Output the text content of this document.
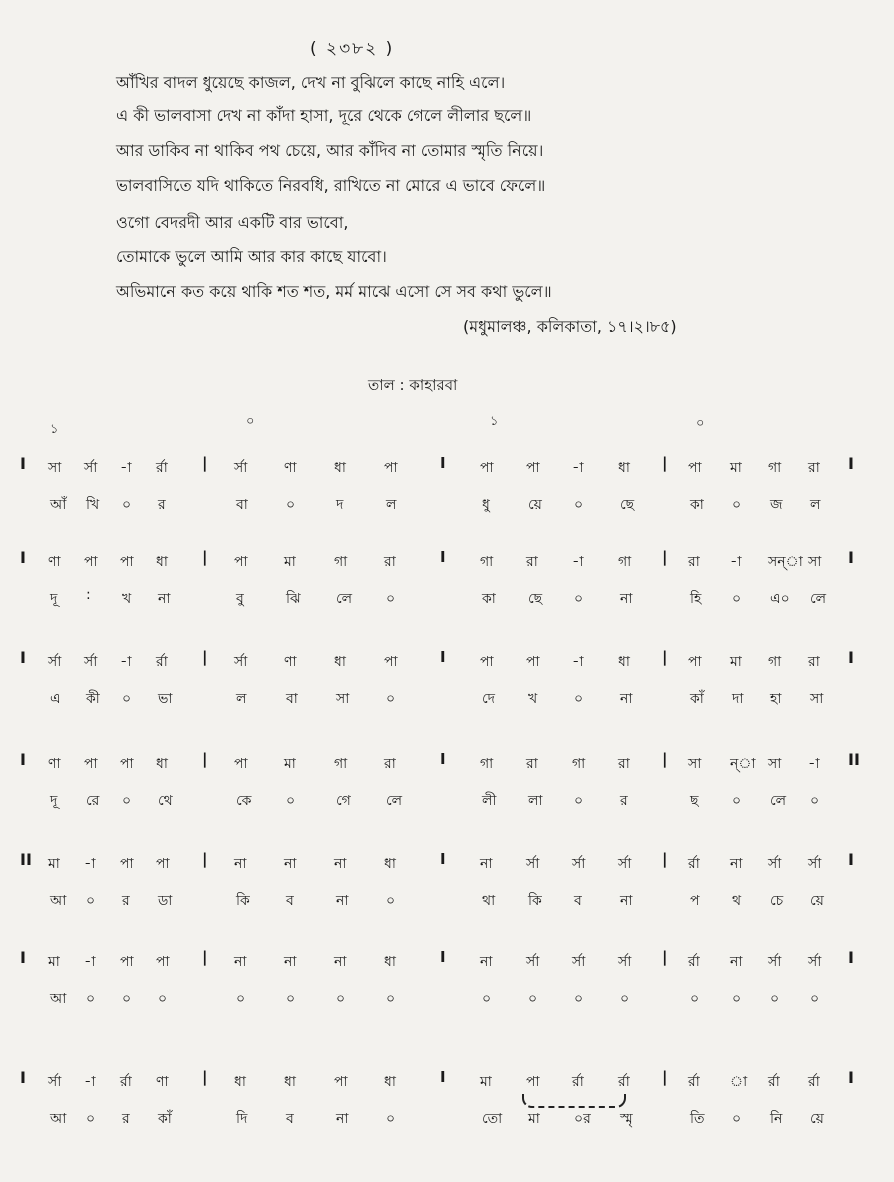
( ২৩৮২ )
আঁখির বাদল ধুয়েছে কাজল, দেখ না বুঝিলে কাছে নাহি এলে।
এ কী ভালবাসা দেখ না কাঁদা হাসা, দূরে থেকে গেলে লীলার ছলে॥
আর ডাকিব না থাকিব পথ চেয়ে, আর কাঁদিব না তোমার স্মৃতি নিয়ে।
ভালবাসিতে যদি থাকিতে নিরবধি, রাখিতে না মোরে এ ভাবে ফেলে॥
ওগো বেদরদী আর একটি বার ভাবো,
তোমাকে ভুলে আমি আর কার কাছে যাবো।
অভিমানে কত কয়ে থাকি শত শত, মর্ম মাঝে এসো সে সব কথা ভুলে॥
(মধুমালঞ্চ, কলিকাতা, ১৭।২।৮৫)
তাল : কাহারবা
১
০	১	০
সা র্সা -া র্রা	র্সা	ণা	ধা	পা	পা পা -া ধা	পা মা গা রা
I	|	I	|	I
আঁ খি ০ র	বা	০	দ	ল	ধু	য়ে ০	ছে	কা ০ জ ল
ণা পা পা ধা	পা	মা	গা	রা	গা রা -া গা	রা -া সন্া সা
I	|	I	|	I
দূ : খ না	বু	ঝি	লে ০	কা ছে ০	না	হি ০ এ০ লে
র্সা র্সা -া র্রা	র্সা	ণা	ধা	পা	পা পা -া ধা	পা মা গা রা
I	|	I	|	I
এ কী ০ ভা	ল	বা	সা	০	দে খ	০	না	কাঁ দা হা সা
ণা পা পা ধা	পা	মা	গা	রা	গা রা গা রা	সা ন্া সা -া
I	|	I	|	II
দূ রে ০ থে	কে ০	গে	লে	লী লা ০	র	ছ ০ লে ০
মা -া পা পা	না	না	না	ধা	না র্সা র্সা র্সা	র্রা না র্সা র্সা
II	|	I	|	I
আ ০ র ডা	কি	ব	না	০	থা কি ব	না	প থ চে য়ে
মা -া পা পা	না	না	না	ধা	না র্সা র্সা র্সা	র্রা না র্সা র্সা
I	|	I	|	I
আ ০ ০ ০	০	০	০	০	০	০	০	০	০ ০ ০ ০
র্সা -া র্রা ণা	ধা	ধা	পা	ধা	মা পা র্রা র্রা	র্রা া র্রা র্রা
I	|	I	|	I
আ ০ র কাঁ	দি	ব	না	০	তো মা ০র স্মৃ	তি ০ নি য়ে
